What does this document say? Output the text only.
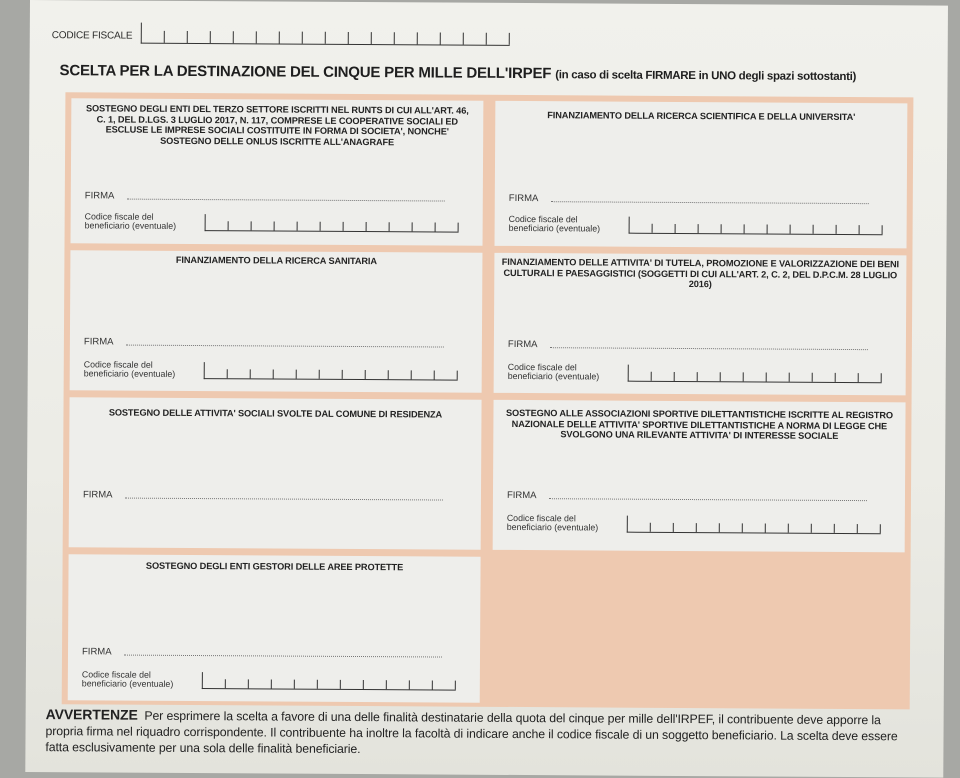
CODICE FISCALE
SCELTA PER LA DESTINAZIONE DEL CINQUE PER MILLE DELL'IRPEF (in caso di scelta FIRMARE in UNO degli spazi sottostanti)
SOSTEGNO DEGLI ENTI DEL TERZO SETTORE ISCRITTI NEL RUNTS DI CUI ALL'ART. 46, C. 1, DEL D.LGS. 3 LUGLIO 2017, N. 117, COMPRESE LE COOPERATIVE SOCIALI ED ESCLUSE LE IMPRESE SOCIALI COSTITUITE IN FORMA DI SOCIETA', NONCHE' SOSTEGNO DELLE ONLUS ISCRITTE ALL'ANAGRAFE
FIRMA
Codice fiscale del
beneficiario (eventuale)
FINANZIAMENTO DELLA RICERCA SCIENTIFICA E DELLA UNIVERSITA'
FIRMA
Codice fiscale del
beneficiario (eventuale)
FINANZIAMENTO DELLA RICERCA SANITARIA
FIRMA
Codice fiscale del
beneficiario (eventuale)
FINANZIAMENTO DELLE ATTIVITA' DI TUTELA, PROMOZIONE E VALORIZZAZIONE DEI BENI CULTURALI E PAESAGGISTICI (SOGGETTI DI CUI ALL'ART. 2, C. 2, DEL D.P.C.M. 28 LUGLIO 2016)
FIRMA
Codice fiscale del
beneficiario (eventuale)
SOSTEGNO DELLE ATTIVITA' SOCIALI SVOLTE DAL COMUNE DI RESIDENZA
FIRMA
SOSTEGNO ALLE ASSOCIAZIONI SPORTIVE DILETTANTISTICHE ISCRITTE AL REGISTRO NAZIONALE DELLE ATTIVITA' SPORTIVE DILETTANTISTICHE A NORMA DI LEGGE CHE SVOLGONO UNA RILEVANTE ATTIVITA' DI INTERESSE SOCIALE
FIRMA
Codice fiscale del
beneficiario (eventuale)
SOSTEGNO DEGLI ENTI GESTORI DELLE AREE PROTETTE
FIRMA
Codice fiscale del
beneficiario (eventuale)
AVVERTENZE Per esprimere la scelta a favore di una delle finalità destinatarie della quota del cinque per mille dell'IRPEF, il contribuente deve apporre la propria firma nel riquadro corrispondente. Il contribuente ha inoltre la facoltà di indicare anche il codice fiscale di un soggetto beneficiario. La scelta deve essere fatta esclusivamente per una sola delle finalità beneficiarie.
